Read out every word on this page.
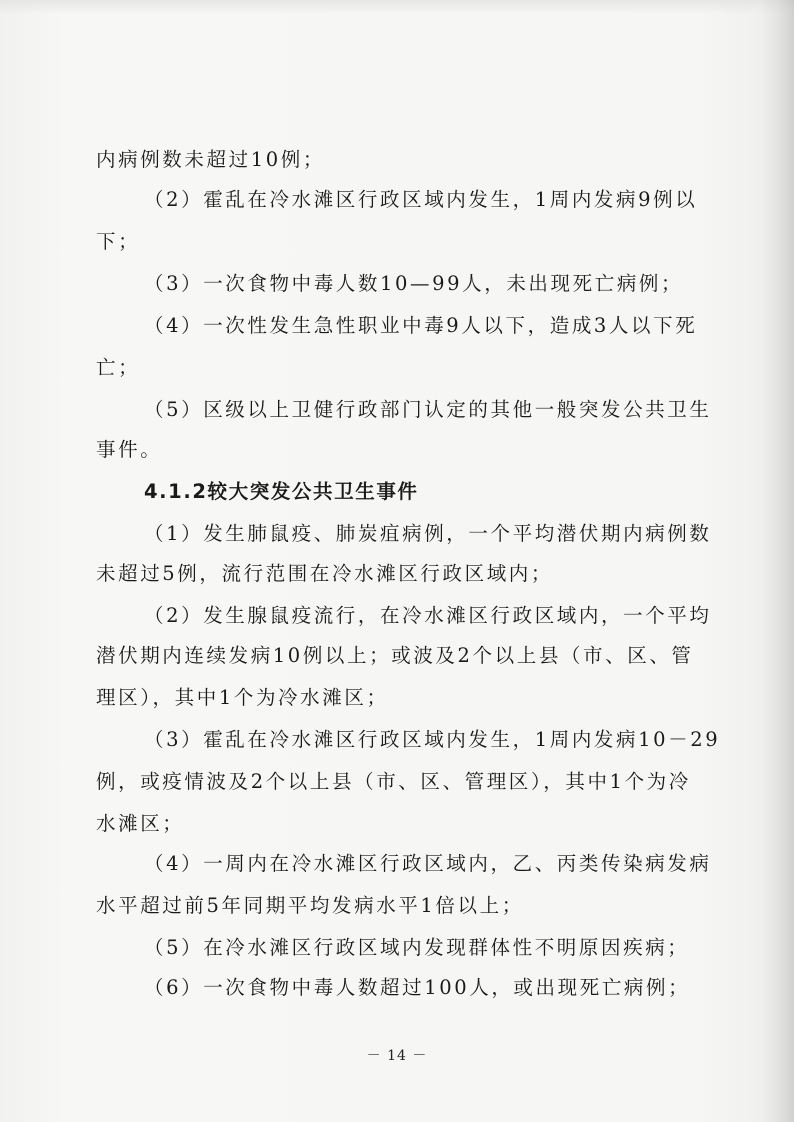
内病例数未超过10例；
（2）霍乱在冷水滩区行政区域内发生，1周内发病9例以
下；
（3）一次食物中毒人数10—99人，未出现死亡病例；
（4）一次性发生急性职业中毒9人以下，造成3人以下死
亡；
（5）区级以上卫健行政部门认定的其他一般突发公共卫生
事件。
4.1.2较大突发公共卫生事件
（1）发生肺鼠疫、肺炭疽病例，一个平均潜伏期内病例数
未超过5例，流行范围在冷水滩区行政区域内；
（2）发生腺鼠疫流行，在冷水滩区行政区域内，一个平均
潜伏期内连续发病10例以上；或波及2个以上县（市、区、管
理区），其中1个为冷水滩区；
（3）霍乱在冷水滩区行政区域内发生，1周内发病10－29
例，或疫情波及2个以上县（市、区、管理区），其中1个为冷
水滩区；
（4）一周内在冷水滩区行政区域内，乙、丙类传染病发病
水平超过前5年同期平均发病水平1倍以上；
（5）在冷水滩区行政区域内发现群体性不明原因疾病；
（6）一次食物中毒人数超过100人，或出现死亡病例；
－ 14 －
